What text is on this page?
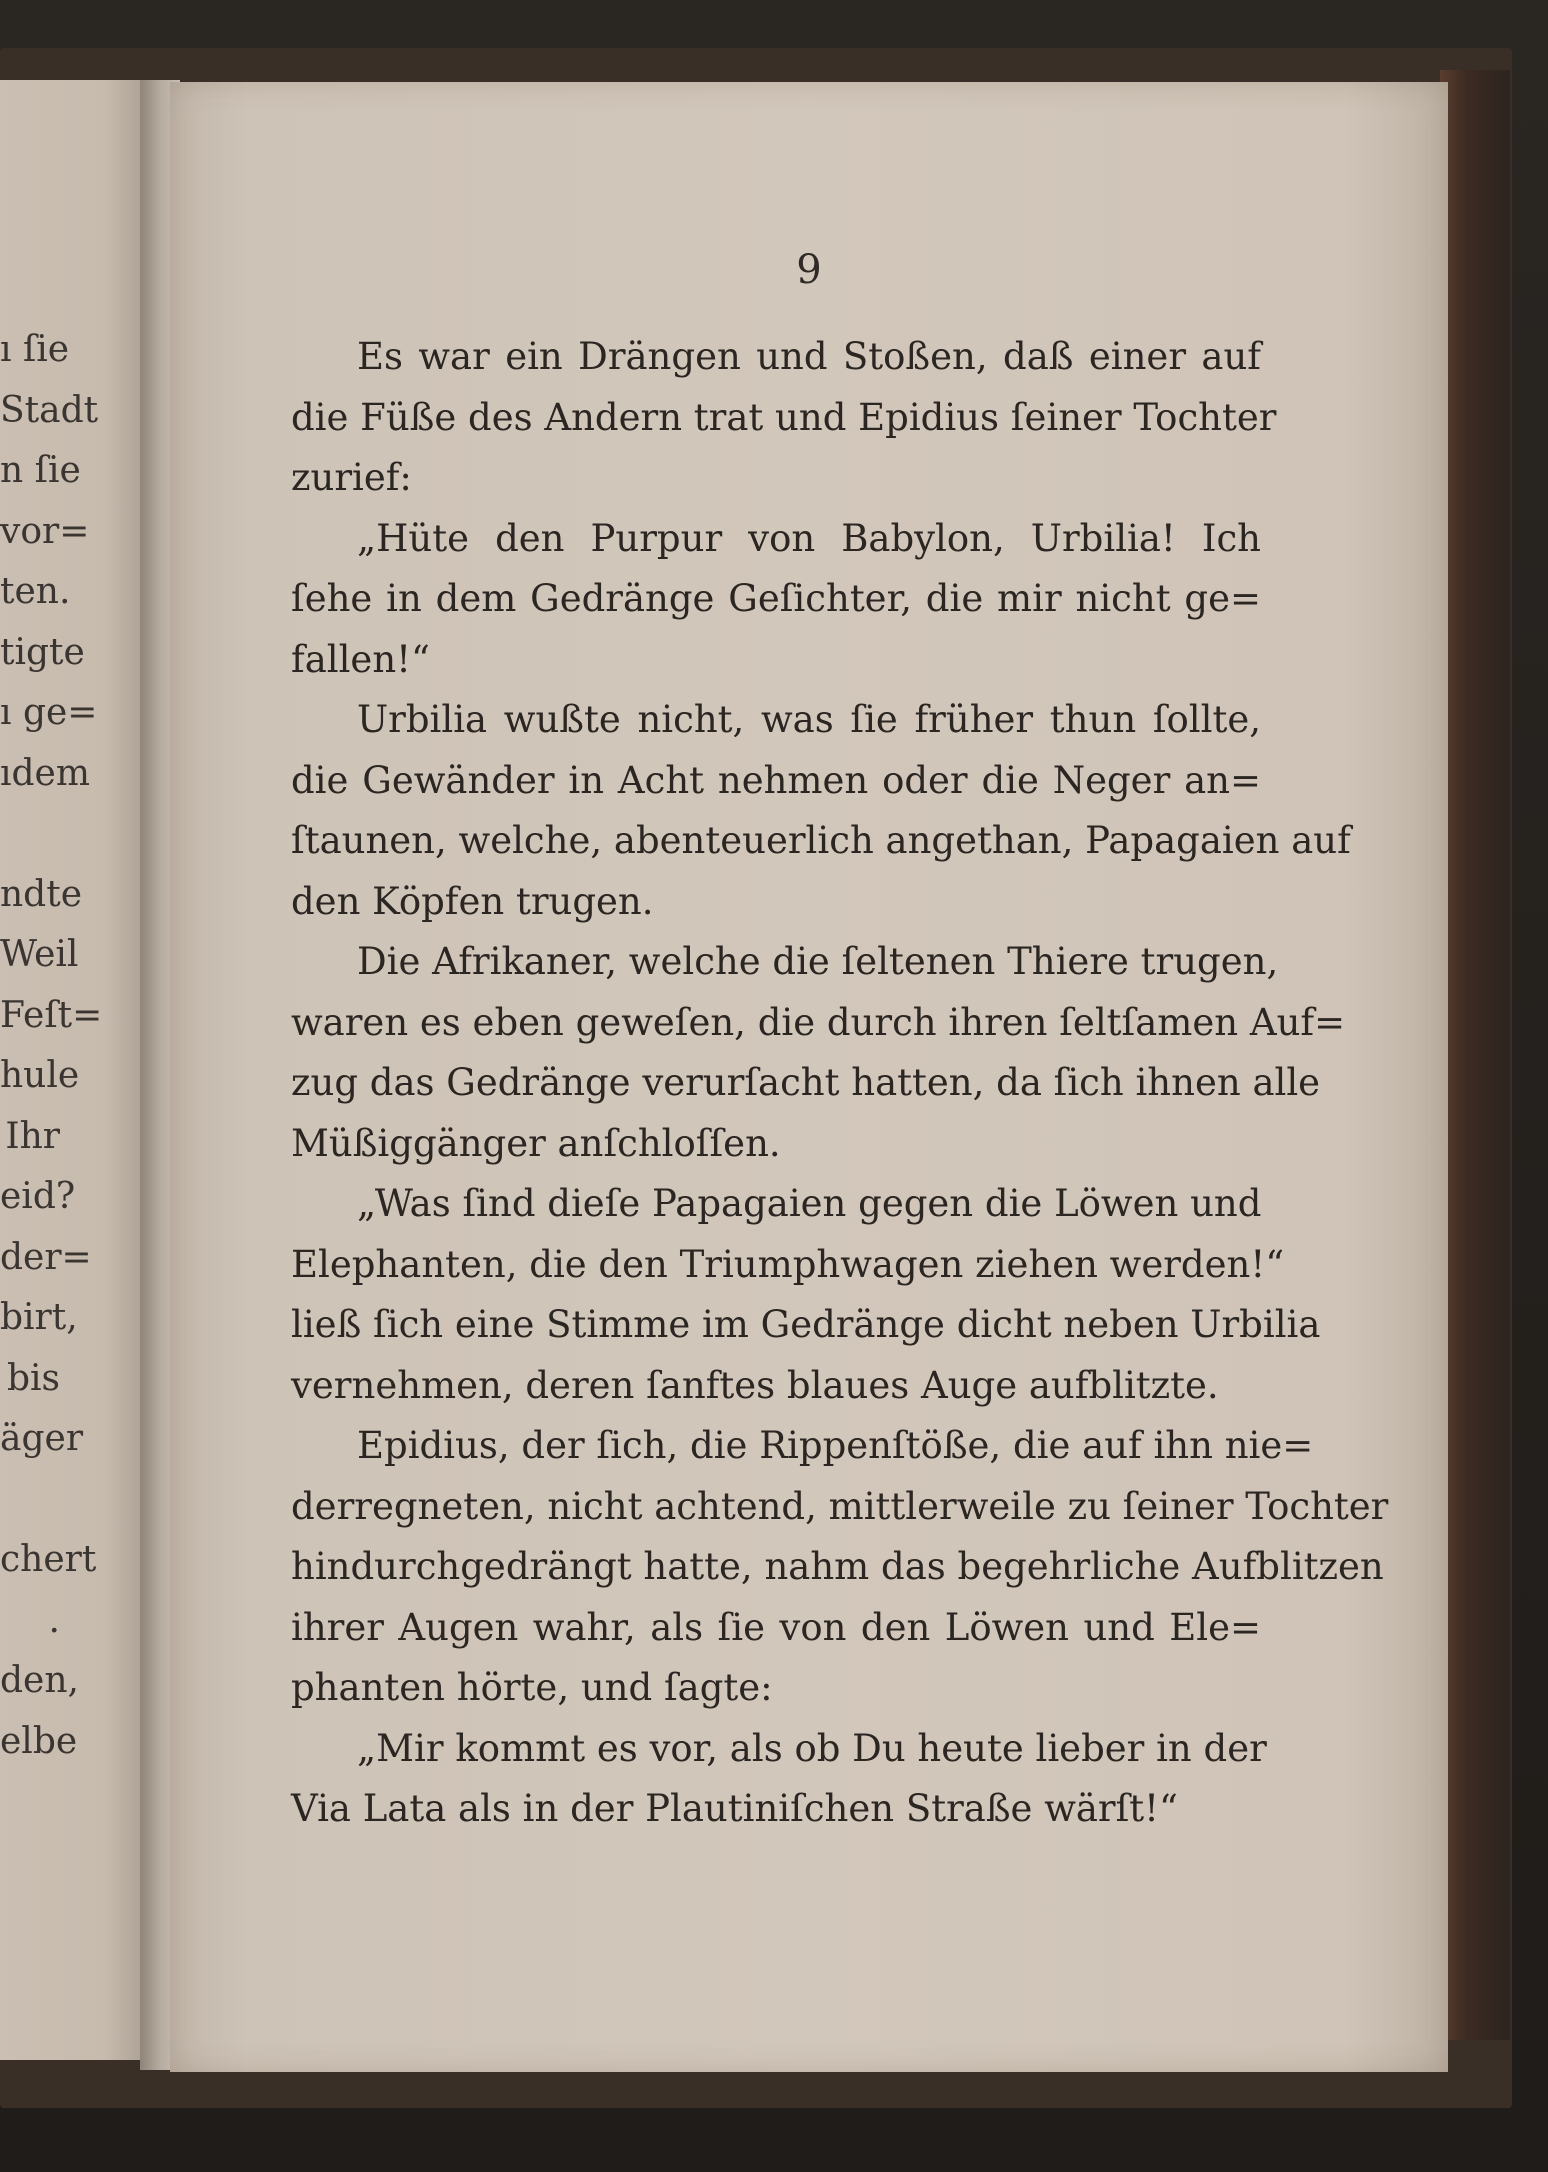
ı ſie
Stadt
n ſie
vor=
ten.
tigte
ı ge=
ıdem
ndte
Weil
Feſt=
hule
Ihr
eid?
der=
birt,
bis
äger
chert
.
den,
elbe
9
Es war ein Drängen und Stoßen, daß einer auf
die Füße des Andern trat und Epidius ſeiner Tochter
zurief:
„Hüte den Purpur von Babylon, Urbilia! Ich
ſehe in dem Gedränge Geſichter, die mir nicht ge=
fallen!“
Urbilia wußte nicht, was ſie früher thun ſollte,
die Gewänder in Acht nehmen oder die Neger an=
ſtaunen, welche, abenteuerlich angethan, Papagaien auf
den Köpfen trugen.
Die Afrikaner, welche die ſeltenen Thiere trugen,
waren es eben geweſen, die durch ihren ſeltſamen Auf=
zug das Gedränge verurſacht hatten, da ſich ihnen alle
Müßiggänger anſchloſſen.
„Was ſind dieſe Papagaien gegen die Löwen und
Elephanten, die den Triumphwagen ziehen werden!“
ließ ſich eine Stimme im Gedränge dicht neben Urbilia
vernehmen, deren ſanftes blaues Auge aufblitzte.
Epidius, der ſich, die Rippenſtöße, die auf ihn nie=
derregneten, nicht achtend, mittlerweile zu ſeiner Tochter
hindurchgedrängt hatte, nahm das begehrliche Aufblitzen
ihrer Augen wahr, als ſie von den Löwen und Ele=
phanten hörte, und ſagte:
„Mir kommt es vor, als ob Du heute lieber in der
Via Lata als in der Plautiniſchen Straße wärſt!“
